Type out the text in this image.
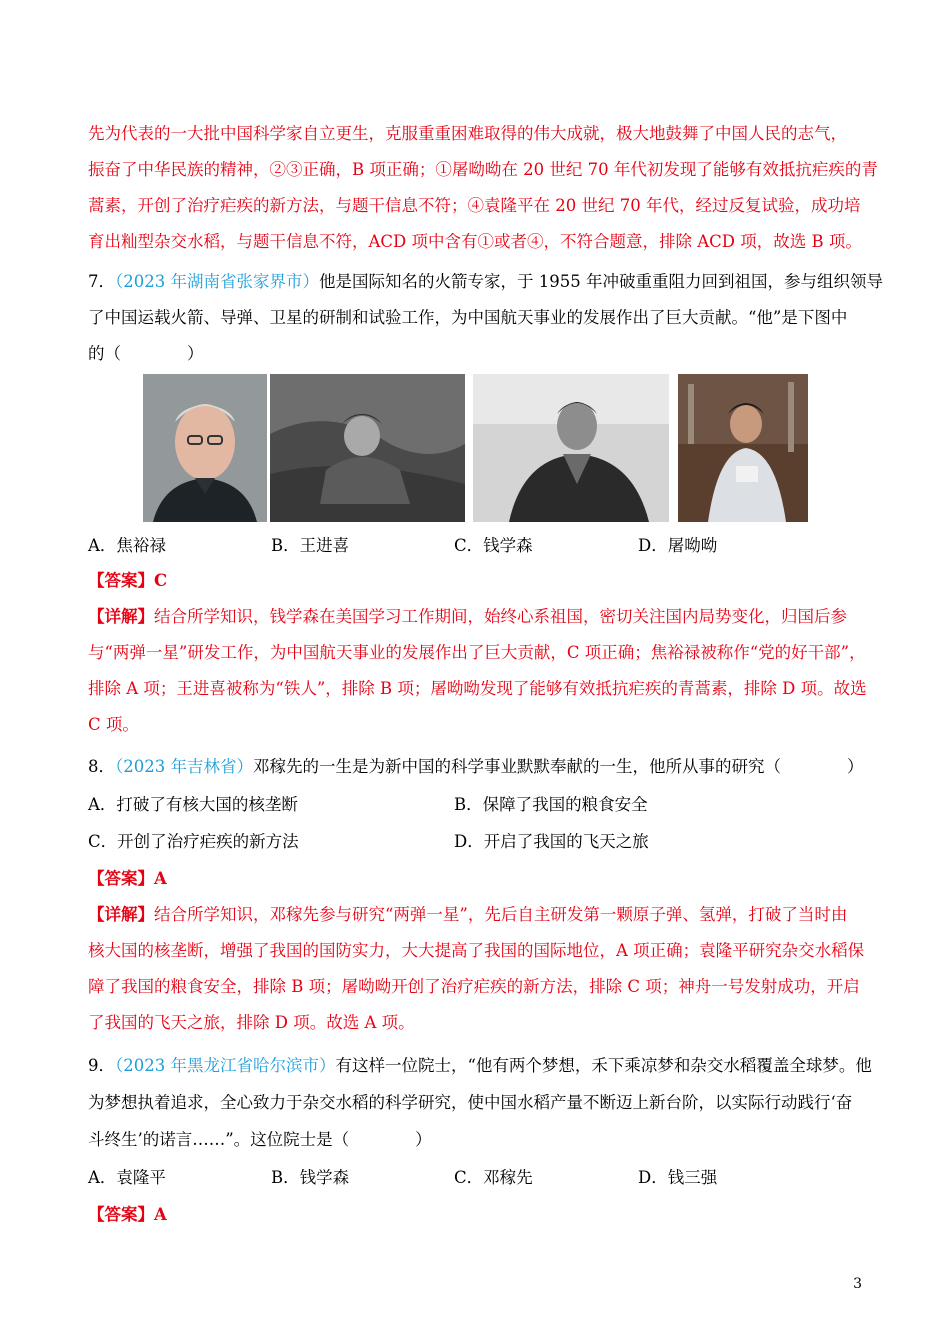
先为代表的一大批中国科学家自立更生，克服重重困难取得的伟大成就，极大地鼓舞了中国人民的志气，
振奋了中华民族的精神，②③正确，B 项正确；①屠呦呦在 20 世纪 70 年代初发现了能够有效抵抗疟疾的青
蒿素，开创了治疗疟疾的新方法，与题干信息不符；④袁隆平在 20 世纪 70 年代，经过反复试验，成功培
育出籼型杂交水稻，与题干信息不符，ACD 项中含有①或者④，不符合题意，排除 ACD 项，故选 B 项。
7．（2023 年湖南省张家界市）他是国际知名的火箭专家，于 1955 年冲破重重阻力回到祖国，参与组织领导
了中国运载火箭、导弹、卫星的研制和试验工作，为中国航天事业的发展作出了巨大贡献。“他”是下图中
的（　　　　）
A．焦裕禄	B．王进喜	C．钱学森	D．屠呦呦
【答案】C
【详解】结合所学知识，钱学森在美国学习工作期间，始终心系祖国，密切关注国内局势变化，归国后参
与“两弹一星”研发工作，为中国航天事业的发展作出了巨大贡献，C 项正确；焦裕禄被称作“党的好干部”，
排除 A 项；王进喜被称为“铁人”，排除 B 项；屠呦呦发现了能够有效抵抗疟疾的青蒿素，排除 D 项。故选
C 项。
8．（2023 年吉林省）邓稼先的一生是为新中国的科学事业默默奉献的一生，他所从事的研究（　　　　）
A．打破了有核大国的核垄断	B．保障了我国的粮食安全
C．开创了治疗疟疾的新方法	D．开启了我国的飞天之旅
【答案】A
【详解】结合所学知识，邓稼先参与研究“两弹一星”，先后自主研发第一颗原子弹、氢弹，打破了当时由
核大国的核垄断，增强了我国的国防实力，大大提高了我国的国际地位，A 项正确；袁隆平研究杂交水稻保
障了我国的粮食安全，排除 B 项；屠呦呦开创了治疗疟疾的新方法，排除 C 项；神舟一号发射成功，开启
了我国的飞天之旅，排除 D 项。故选 A 项。
9．（2023 年黑龙江省哈尔滨市）有这样一位院士，“他有两个梦想，禾下乘凉梦和杂交水稻覆盖全球梦。他
为梦想执着追求，全心致力于杂交水稻的科学研究，使中国水稻产量不断迈上新台阶，以实际行动践行‘奋
斗终生’的诺言……”。这位院士是（　　　　）
A．袁隆平	B．钱学森	C．邓稼先	D．钱三强
【答案】A
3
